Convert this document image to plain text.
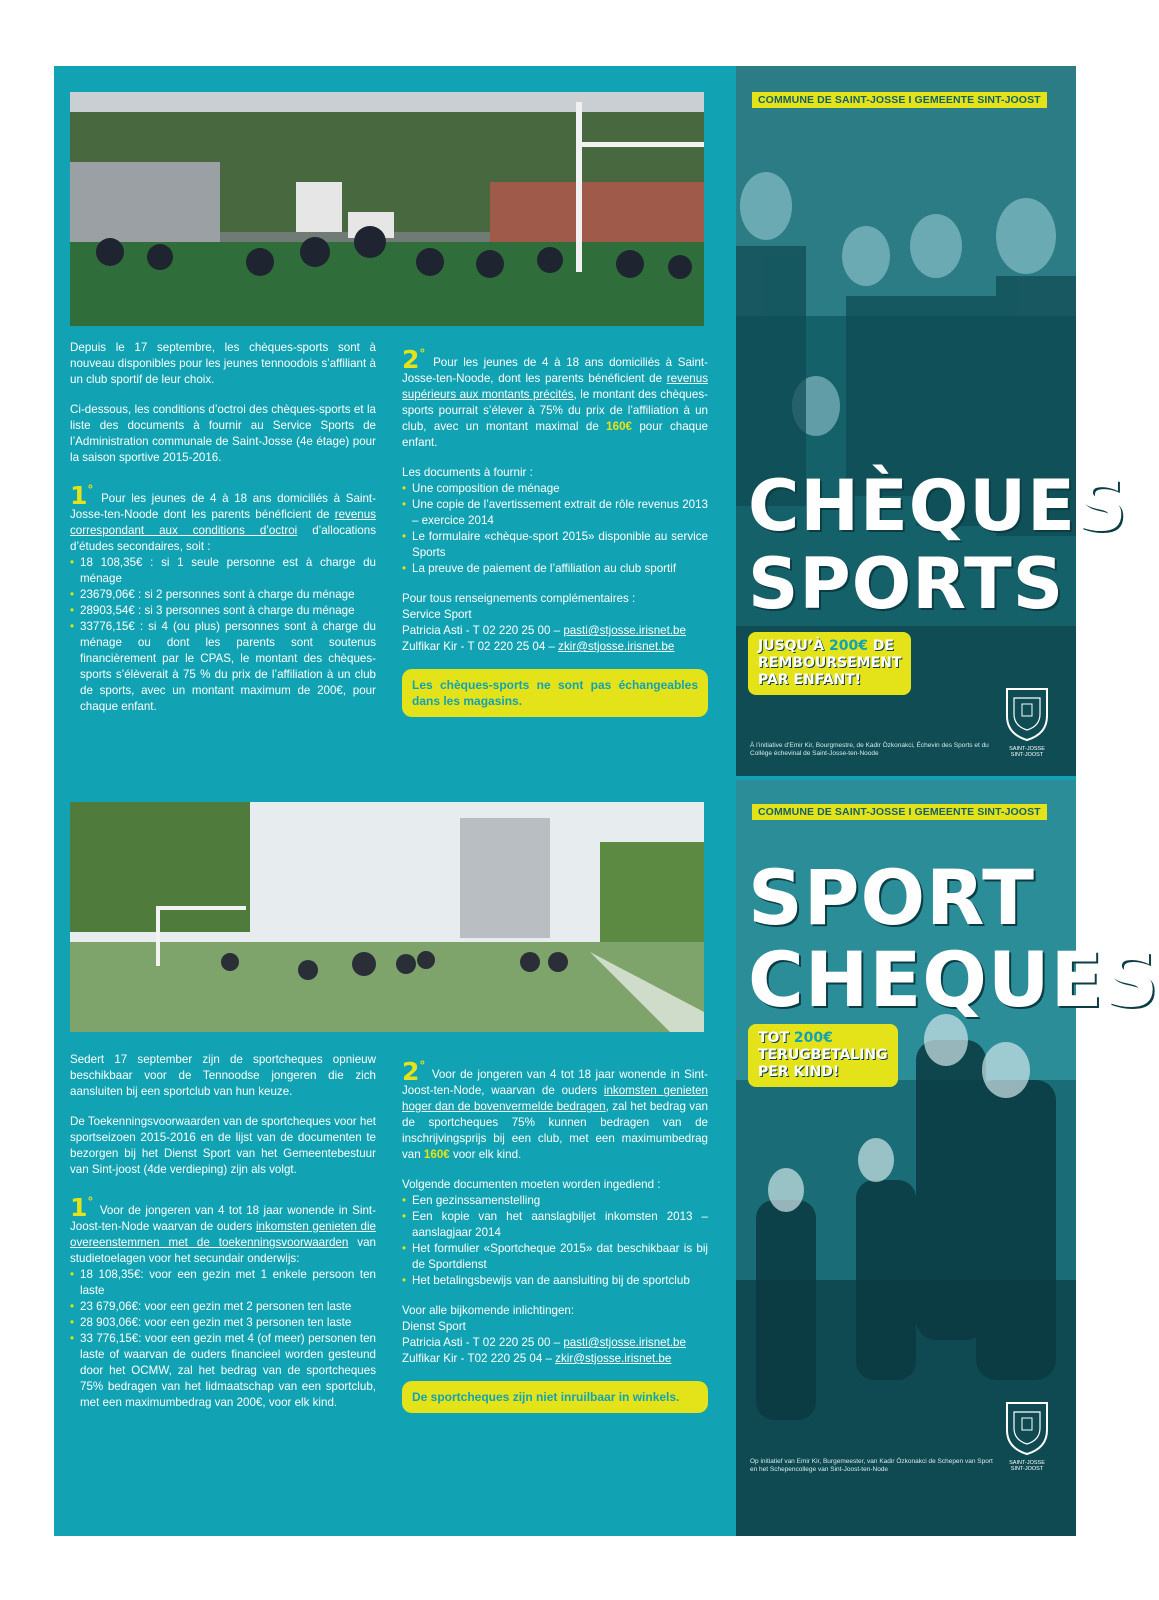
Depuis le 17 septembre, les chèques-sports sont à nouveau disponibles pour les jeunes tennoodois s’affiliant à un club sportif de leur choix.

Ci-dessous, les conditions d’octroi des chèques-sports et la liste des documents à fournir au Service Sports de l’Administration communale de Saint-Josse (4e étage) pour la saison sportive 2015-2016.

1° Pour les jeunes de 4 à 18 ans domiciliés à Saint-Josse-ten-Noode dont les parents bénéficient de revenus correspondant aux conditions d’octroi d’allocations d’études secondaires, soit :
• 18 108,35€ : si 1 seule personne est à charge du ménage
• 23679,06€ : si 2 personnes sont à charge du ménage
• 28903,54€ : si 3 personnes sont à charge du ménage
• 33776,15€ : si 4 (ou plus) personnes sont à charge du ménage ou dont les parents sont soutenus financièrement par le CPAS, le montant des chèques-sports s’élèverait à 75 % du prix de l’affiliation à un club de sports, avec un montant maximum de 200€, pour chaque enfant.
2° Pour les jeunes de 4 à 18 ans domiciliés à Saint-Josse-ten-Noode, dont les parents bénéficient de revenus supérieurs aux montants précités, le montant des chèques-sports pourrait s’élever à 75% du prix de l’affiliation à un club, avec un montant maximal de 160€ pour chaque enfant.
Les documents à fournir :
• Une composition de ménage
• Une copie de l’avertissement extrait de rôle revenus 2013 – exercice 2014
• Le formulaire «chèque-sport 2015» disponible au service Sports
• La preuve de paiement de l’affiliation au club sportif
Pour tous renseignements complémentaires :
Service Sport
Patricia Asti - T 02 220 25 00 – pasti@stjosse.irisnet.be
Zulfikar Kir - T 02 220 25 04 – zkir@stjosse.irisnet.be
Les chèques-sports ne sont pas échangeables dans les magasins.
COMMUNE DE SAINT-JOSSE I GEMEENTE SINT-JOOST
CHÈQUES
SPORTS
JUSQU’À 200€ DE
REMBOURSEMENT
PAR ENFANT!
À l’initiative d’Emir Kir, Bourgmestre, de Kadir Özkonakci, Échevin des Sports et du Collège échevinal de Saint-Josse-ten-Noode
SAINT-JOSSE SINT-JOOST

Sedert 17 september zijn de sportcheques opnieuw beschikbaar voor de Tennoodse jongeren die zich aansluiten bij een sportclub van hun keuze.

De Toekenningsvoorwaarden van de sportcheques voor het sportseizoen 2015-2016 en de lijst van de documenten te bezorgen bij het Dienst Sport van het Gemeentebestuur van Sint-joost (4de verdieping) zijn als volgt.

1° Voor de jongeren van 4 tot 18 jaar wonende in Sint-Joost-ten-Node waarvan de ouders inkomsten genieten die overeenstemmen met de toekenningsvoorwaarden van studietoelagen voor het secundair onderwijs:
• 18 108,35€: voor een gezin met 1 enkele persoon ten laste
• 23 679,06€: voor een gezin met 2 personen ten laste
• 28 903,06€: voor een gezin met 3 personen ten laste
• 33 776,15€: voor een gezin met 4 (of meer) personen ten laste of waarvan de ouders financieel worden gesteund door het OCMW, zal het bedrag van de sportcheques 75% bedragen van het lidmaatschap van een sportclub, met een maximumbedrag van 200€, voor elk kind.
2° Voor de jongeren van 4 tot 18 jaar wonende in Sint-Joost-ten-Node, waarvan de ouders inkomsten genieten hoger dan de bovenvermelde bedragen, zal het bedrag van de sportcheques 75% kunnen bedragen van de inschrijvingsprijs bij een club, met een maximumbedrag van 160€ voor elk kind.
Volgende documenten moeten worden ingediend :
• Een gezinssamenstelling
• Een kopie van het aanslagbiljet inkomsten 2013 – aanslagjaar 2014
• Het formulier «Sportcheque 2015» dat beschikbaar is bij de Sportdienst
• Het betalingsbewijs van de aansluiting bij de sportclub
Voor alle bijkomende inlichtingen:
Dienst Sport
Patricia Asti - T 02 220 25 00 – pasti@stjosse.irisnet.be
Zulfikar Kir - T02 220 25 04 – zkir@stjosse.irisnet.be
De sportcheques zijn niet inruilbaar in winkels.
COMMUNE DE SAINT-JOSSE I GEMEENTE SINT-JOOST
SPORT
CHEQUES
TOT 200€
TERUGBETALING
PER KIND!
Op initiatief van Emir Kir, Burgemeester, van Kadir Özkonakci de Schepen van Sport en het Schepencollege van Sint-Joost-ten-Node
SAINT-JOSSE SINT-JOOST
